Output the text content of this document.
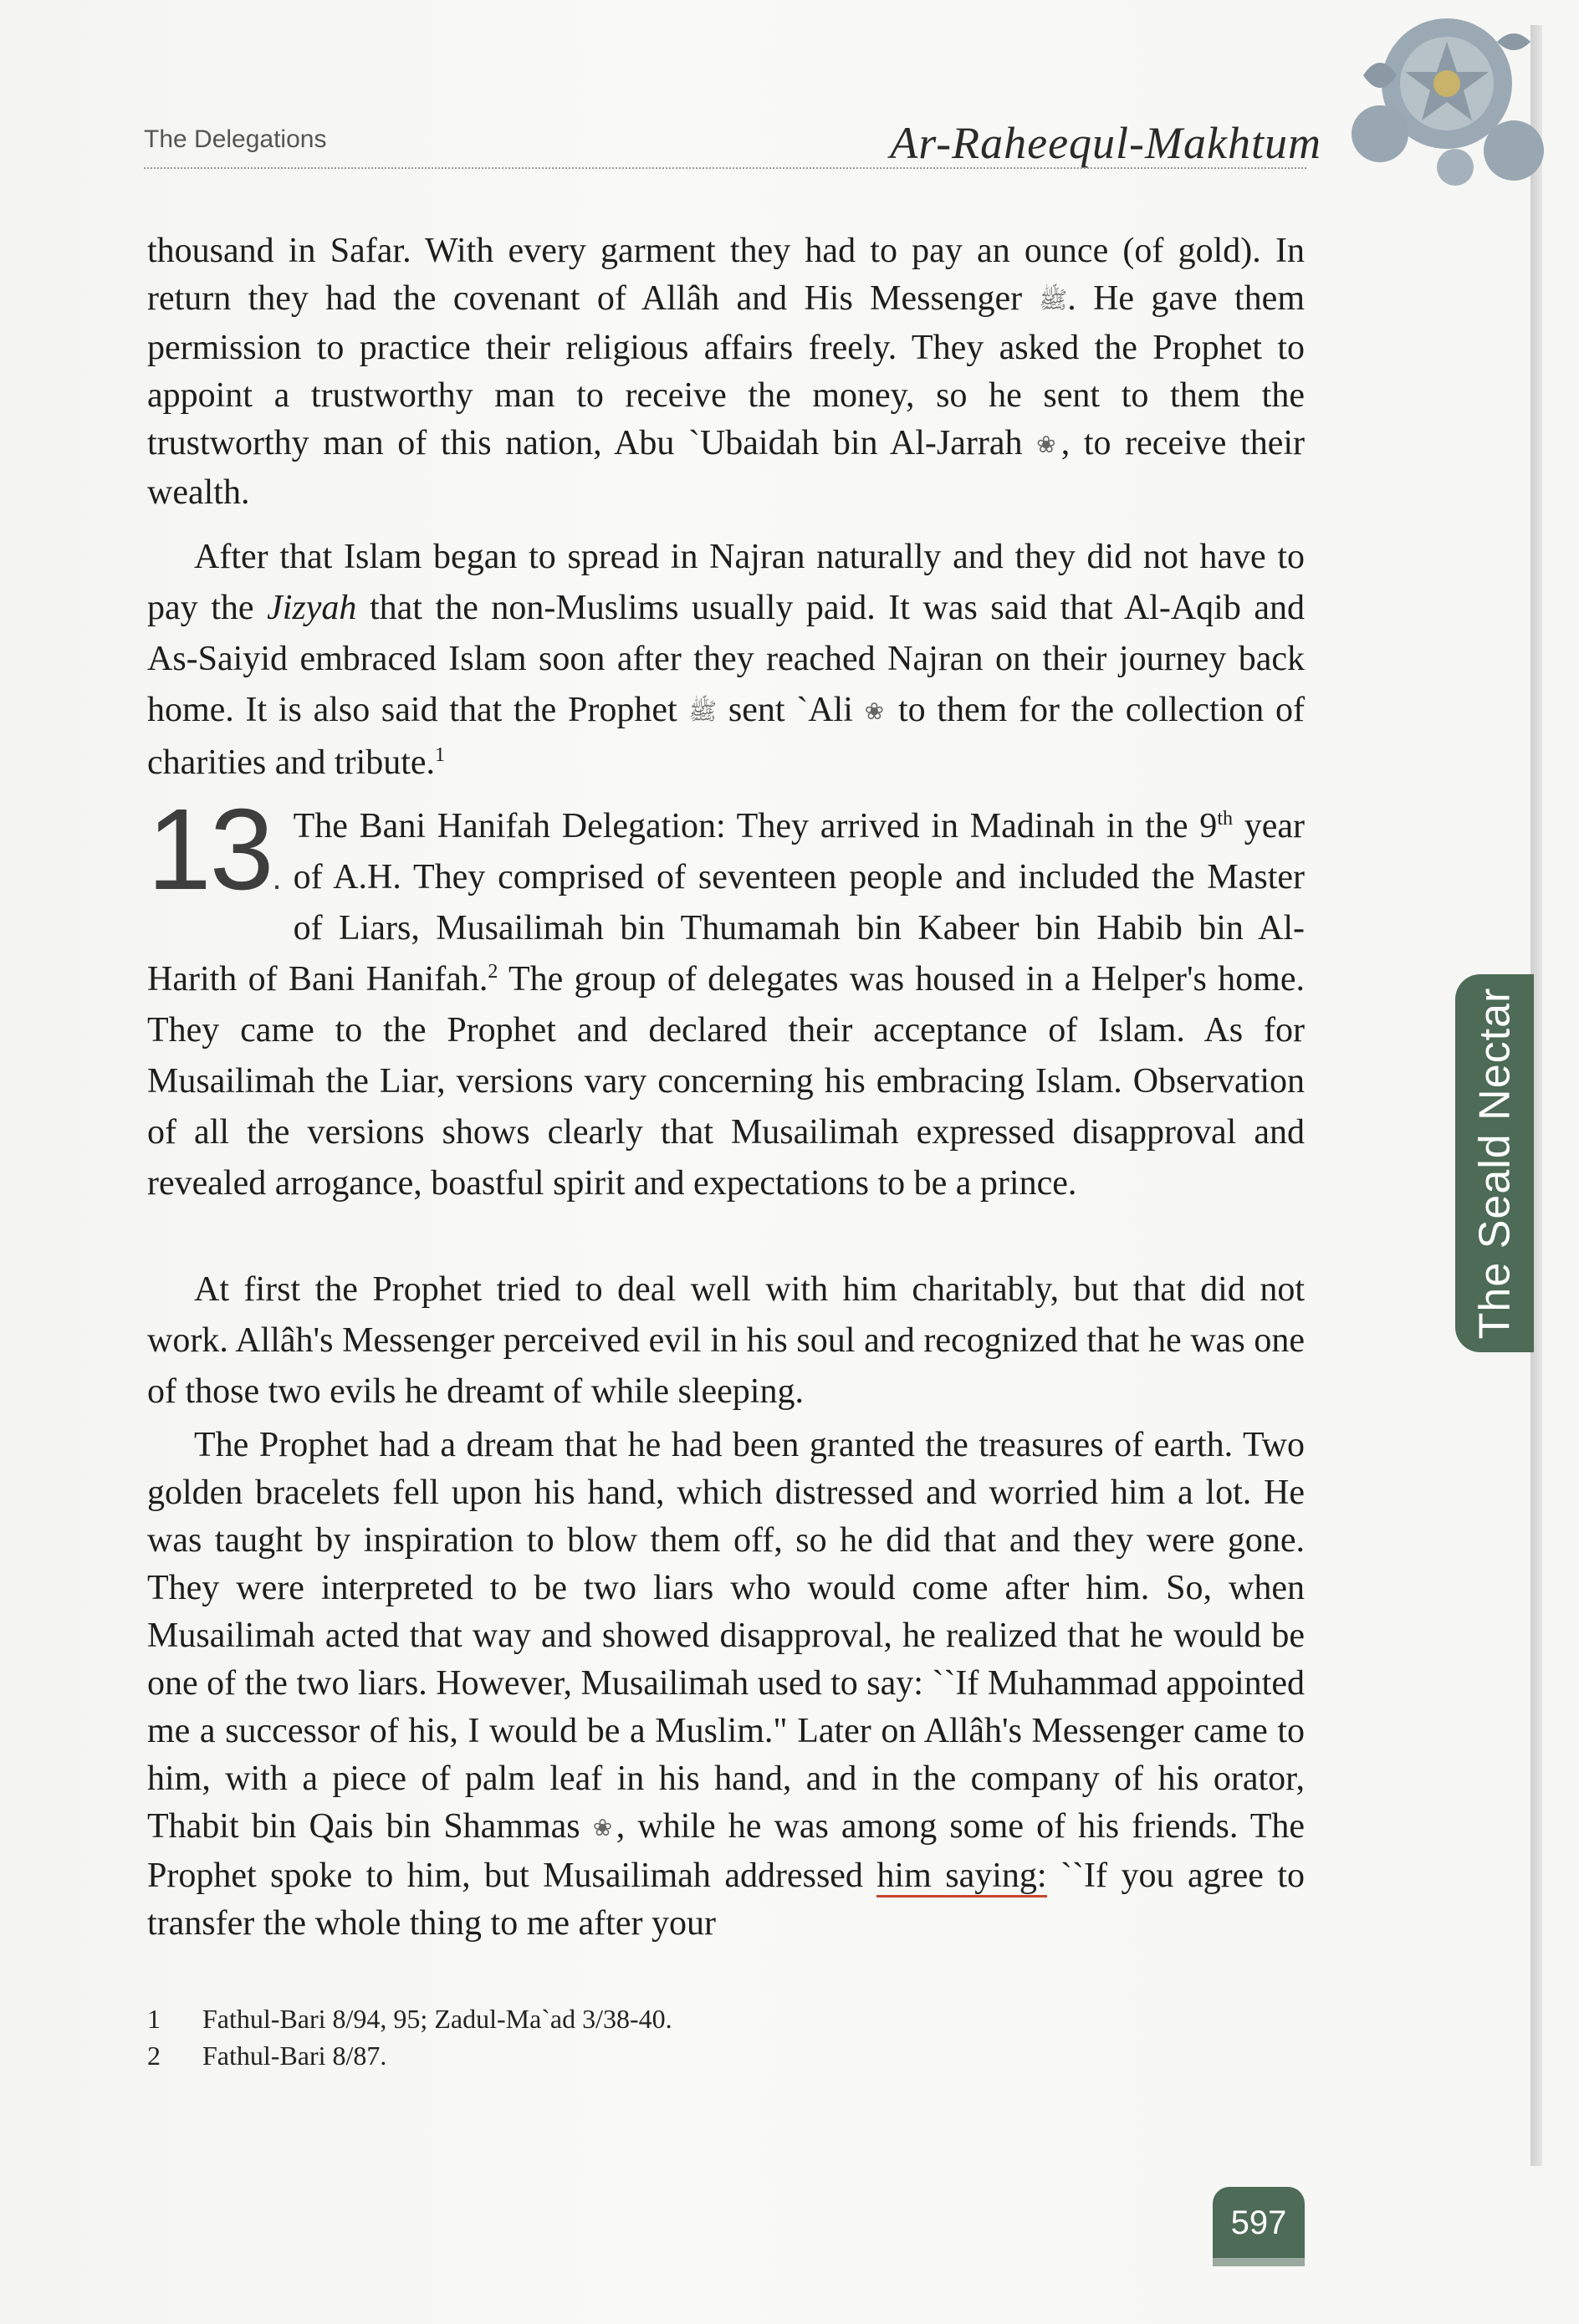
The Delegations	Ar-Raheequl-Makhtum

thousand in Safar. With every garment they had to pay an ounce (of gold). In return they had the covenant of Allâh and His Messenger ﷺ. He gave them permission to practice their religious affairs freely. They asked the Prophet to appoint a trustworthy man to receive the money, so he sent to them the trustworthy man of this nation, Abu `Ubaidah bin Al-Jarrah ❀, to receive their wealth.

After that Islam began to spread in Najran naturally and they did not have to pay the Jizyah that the non-Muslims usually paid. It was said that Al-Aqib and As-Saiyid embraced Islam soon after they reached Najran on their journey back home. It is also said that the Prophet ﷺ sent `Ali ❀ to them for the collection of charities and tribute.$^1$

13.
The Bani Hanifah Delegation: They arrived in Madinah in the 9th year of A.H. They comprised of seventeen people and included the Master of Liars, Musailimah bin Thumamah bin Kabeer bin Habib bin Al-Harith of Bani Hanifah.$^2$ The group of delegates was housed in a Helper's home. They came to the Prophet and declared their acceptance of Islam. As for Musailimah the Liar, versions vary concerning his embracing Islam. Observation of all the versions shows clearly that Musailimah expressed disapproval and revealed arrogance, boastful spirit and expectations to be a prince.

At first the Prophet tried to deal well with him charitably, but that did not work. Allâh's Messenger perceived evil in his soul and recognized that he was one of those two evils he dreamt of while sleeping.

The Prophet had a dream that he had been granted the treasures of earth. Two golden bracelets fell upon his hand, which distressed and worried him a lot. He was taught by inspiration to blow them off, so he did that and they were gone. They were interpreted to be two liars who would come after him. So, when Musailimah acted that way and showed disapproval, he realized that he would be one of the two liars. However, Musailimah used to say: ``If Muhammad appointed me a successor of his, I would be a Muslim." Later on Allâh's Messenger came to him, with a piece of palm leaf in his hand, and in the company of his orator, Thabit bin Qais bin Shammas ❀, while he was among some of his friends. The Prophet spoke to him, but Musailimah addressed him saying: ``If you agree to transfer the whole thing to me after your

1	Fathul-Bari 8/94, 95; Zadul-Ma`ad 3/38-40.
2	Fathul-Bari 8/87.
The Seald Nectar
597
